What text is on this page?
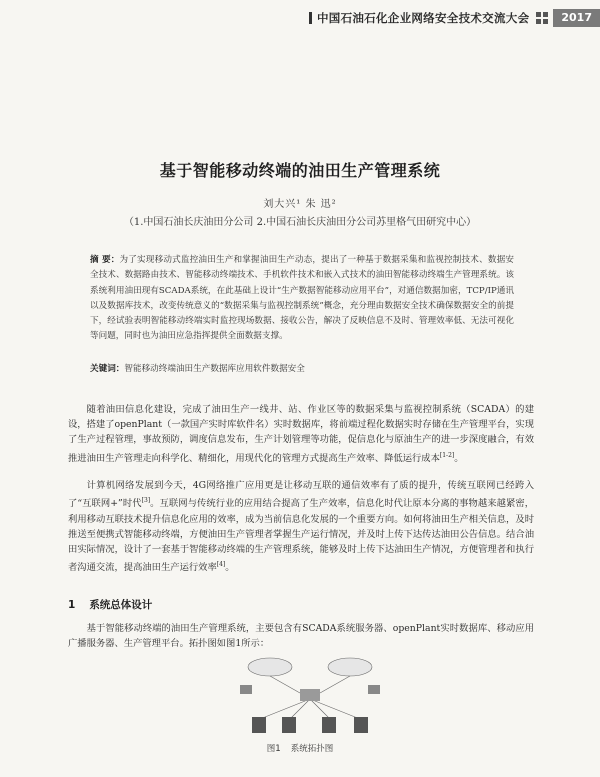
中国石油石化企业网络安全技术交流大会	2017
基于智能移动终端的油田生产管理系统
刘大兴¹ 朱 迅²
（1.中国石油长庆油田分公司 2.中国石油长庆油田分公司苏里格气田研究中心）
摘 要：为了实现移动式监控油田生产和掌握油田生产动态，提出了一种基于数据采集和监视控制技术、数据安全技术、数据路由技术、智能移动终端技术、手机软件技术和嵌入式技术的油田智能移动终端生产管理系统。该系统利用油田现有SCADA系统，在此基础上设计“生产数据智能移动应用平台”，对通信数据加密，TCP/IP通讯以及数据库技术，改变传统意义的“数据采集与监视控制系统”概念，充分理由数据安全技术确保数据安全的前提下，经试验表明智能移动终端实时监控现场数据、接收公告，解决了反映信息不及时、管理效率低、无法可视化等问题，同时也为油田应急指挥提供全面数据支撑。
关键词：智能移动终端油田生产数据库应用软件数据安全

随着油田信息化建设，完成了油田生产一线井、站、作业区等的数据采集与监视控制系统（SCADA）的建设，搭建了openPlant（一款国产实时库软件名）实时数据库，将前端过程化数据实时存储在生产管理平台，实现了生产过程管理，事故预防，调度信息发布，生产计划管理等功能，促信息化与原油生产的进一步深度融合，有效推进油田生产管理走向科学化、精细化，用现代化的管理方式提高生产效率、降低运行成本[1-2]。

计算机网络发展到今天，4G网络推广应用更是让移动互联的通信效率有了质的提升，传统互联网已经跨入了“互联网+”时代[3]。互联网与传统行业的应用结合提高了生产效率，信息化时代让原本分离的事物越来越紧密，利用移动互联技术提升信息化应用的效率，成为当前信息化发展的一个重要方向。如何将油田生产相关信息，及时推送至便携式智能移动终端，方便油田生产管理者掌握生产运行情况，并及时上传下达传达油田公告信息。结合油田实际情况，设计了一套基于智能移动终端的生产管理系统，能够及时上传下达油田生产情况，方便管理者和执行者沟通交流，提高油田生产运行效率[4]。

1 系统总体设计

基于智能移动终端的油田生产管理系统，主要包含有SCADA系统服务器、openPlant实时数据库、移动应用广播服务器、生产管理平台。拓扑图如图1所示：

图1 系统拓扑图
